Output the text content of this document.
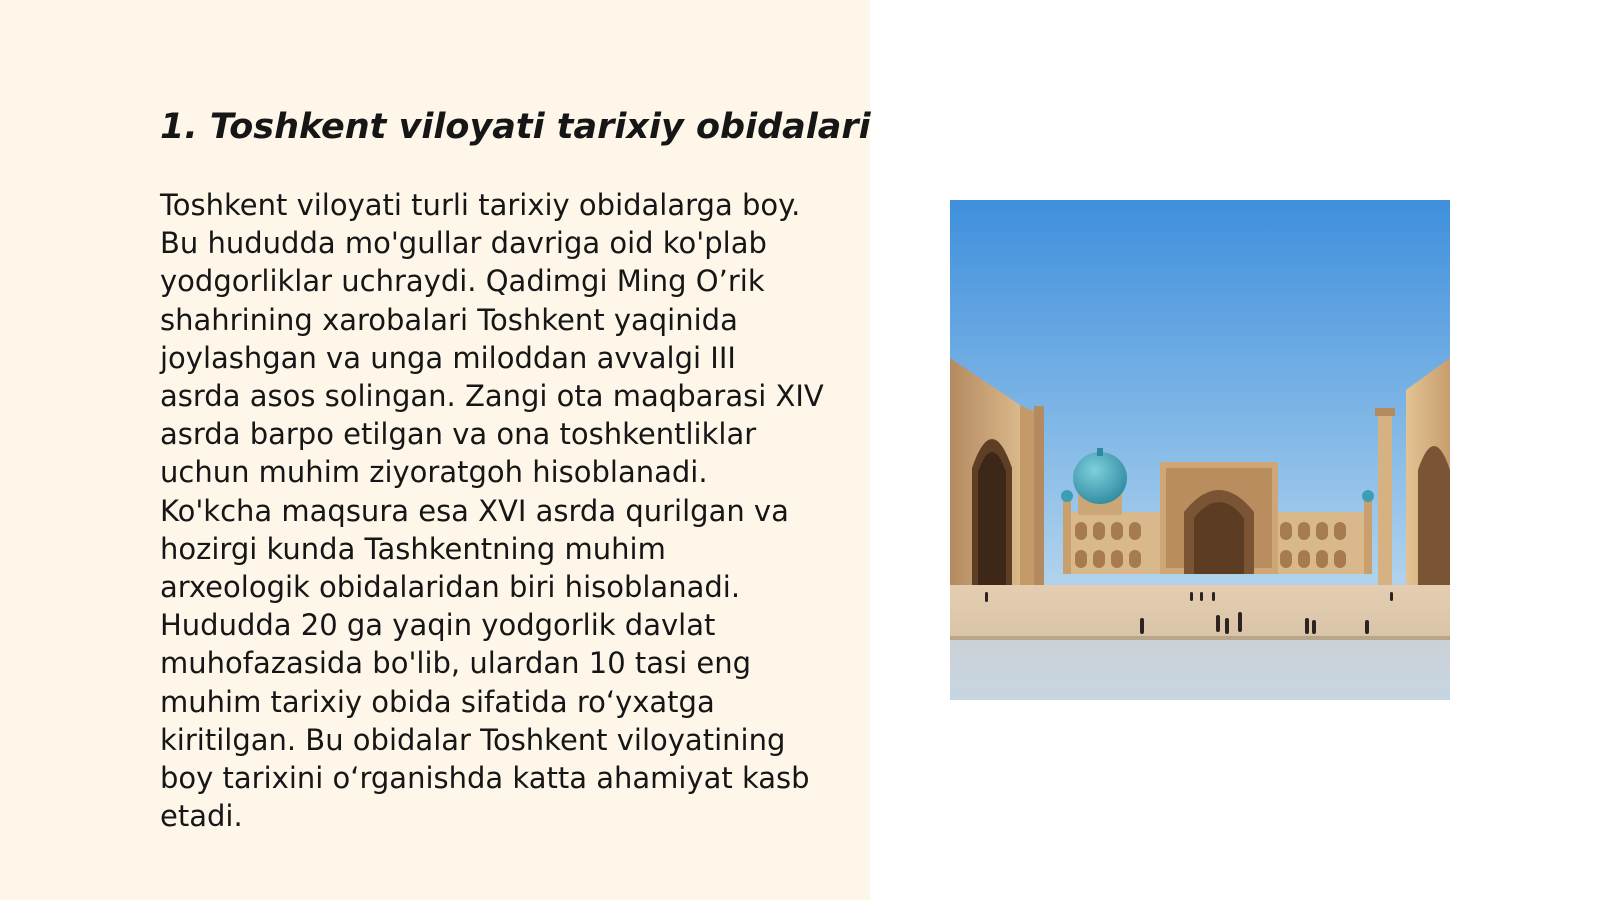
1. Toshkent viloyati tarixiy obidalari
Toshkent viloyati turli tarixiy obidalarga boy.
Bu hududda mo'gullar davriga oid ko'plab
yodgorliklar uchraydi. Qadimgi Ming O’rik
shahrining xarobalari Toshkent yaqinida
joylashgan va unga miloddan avvalgi III
asrda asos solingan. Zangi ota maqbarasi XIV
asrda barpo etilgan va ona toshkentliklar
uchun muhim ziyoratgoh hisoblanadi.
Ko'kcha maqsura esa XVI asrda qurilgan va
hozirgi kunda Tashkentning muhim
arxeologik obidalaridan biri hisoblanadi.
Hududda 20 ga yaqin yodgorlik davlat
muhofazasida bo'lib, ulardan 10 tasi eng
muhim tarixiy obida sifatida ro‘yxatga
kiritilgan. Bu obidalar Toshkent viloyatining
boy tarixini o‘rganishda katta ahamiyat kasb
etadi.
